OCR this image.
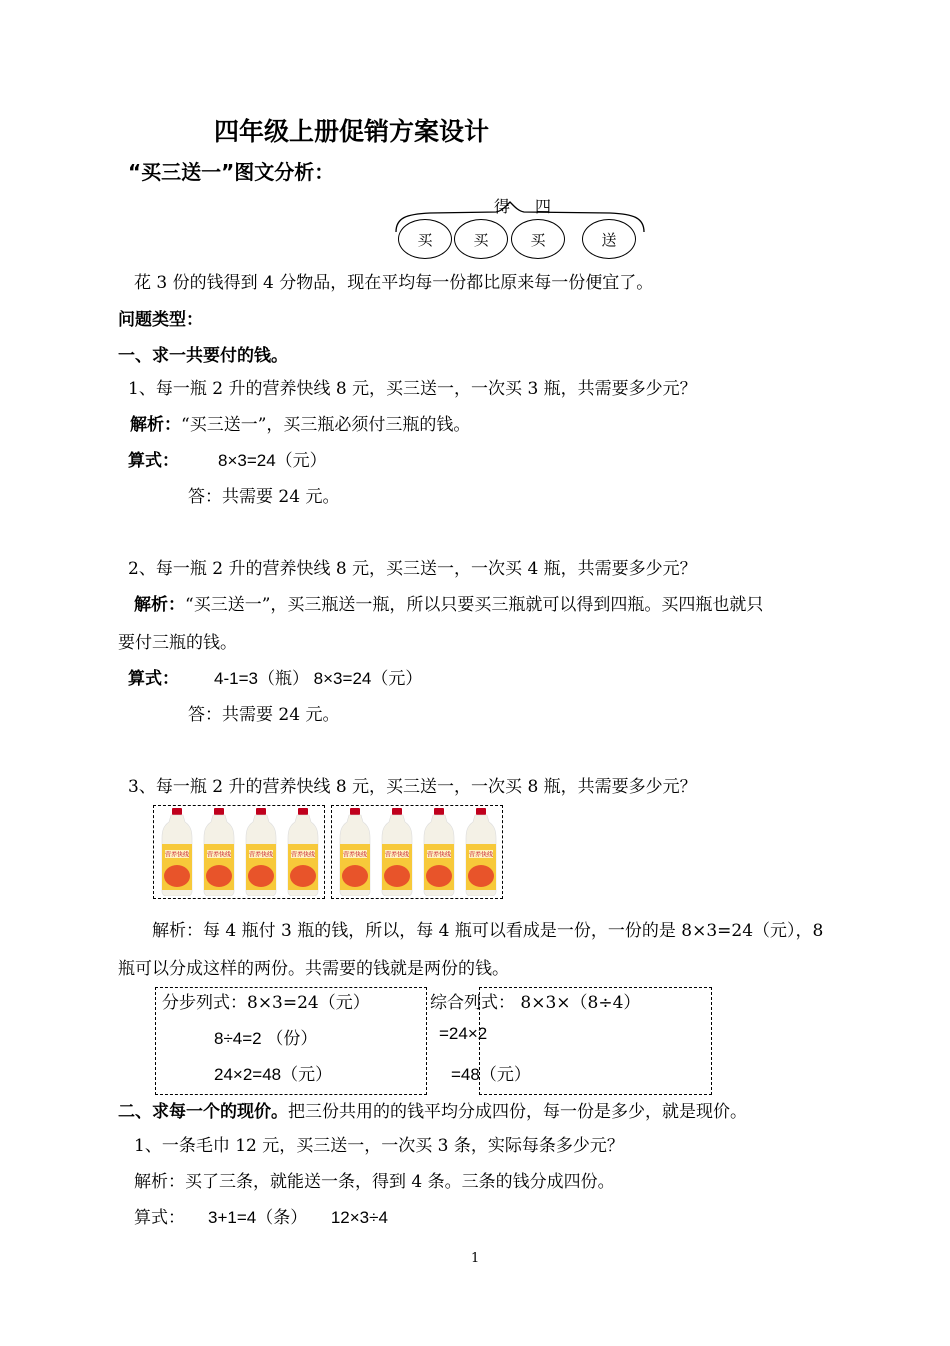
四年级上册促销方案设计
“买三送一”图文分析：
得 四
买	买	买	送
花 3 份的钱得到 4 分物品，现在平均每一份都比原来每一份便宜了。
问题类型：
一、求一共要付的钱。
1、每一瓶 2 升的营养快线 8 元，买三送一，一次买 3 瓶，共需要多少元？
解析：“买三送一”，买三瓶必须付三瓶的钱。
算式： 8×3=24（元）
答：共需要 24 元。
2、每一瓶 2 升的营养快线 8 元，买三送一，一次买 4 瓶，共需要多少元？
解析：“买三送一”，买三瓶送一瓶，所以只要买三瓶就可以得到四瓶。买四瓶也就只
要付三瓶的钱。
算式： 4-1=3（瓶） 8×3=24（元）
答：共需要 24 元。
3、每一瓶 2 升的营养快线 8 元，买三送一，一次买 8 瓶，共需要多少元？
营养快线	营养快线	营养快线	营养快线	营养快线	营养快线	营养快线	营养快线
解析：每 4 瓶付 3 瓶的钱，所以，每 4 瓶可以看成是一份，一份的是 8×3=24（元），8
瓶可以分成这样的两份。共需要的钱就是两份的钱。
分步列式：8×3=24（元）
8÷4=2 （份）
24×2=48（元）
综合列式： 8×3×（8÷4）
=24×2
=48（元）
二、求每一个的现价。把三份共用的的钱平均分成四份，每一份是多少，就是现价。
1、一条毛巾 12 元，买三送一，一次买 3 条，实际每条多少元？
解析：买了三条，就能送一条，得到 4 条。三条的钱分成四份。
算式： 3+1=4（条）     12×3÷4
1
